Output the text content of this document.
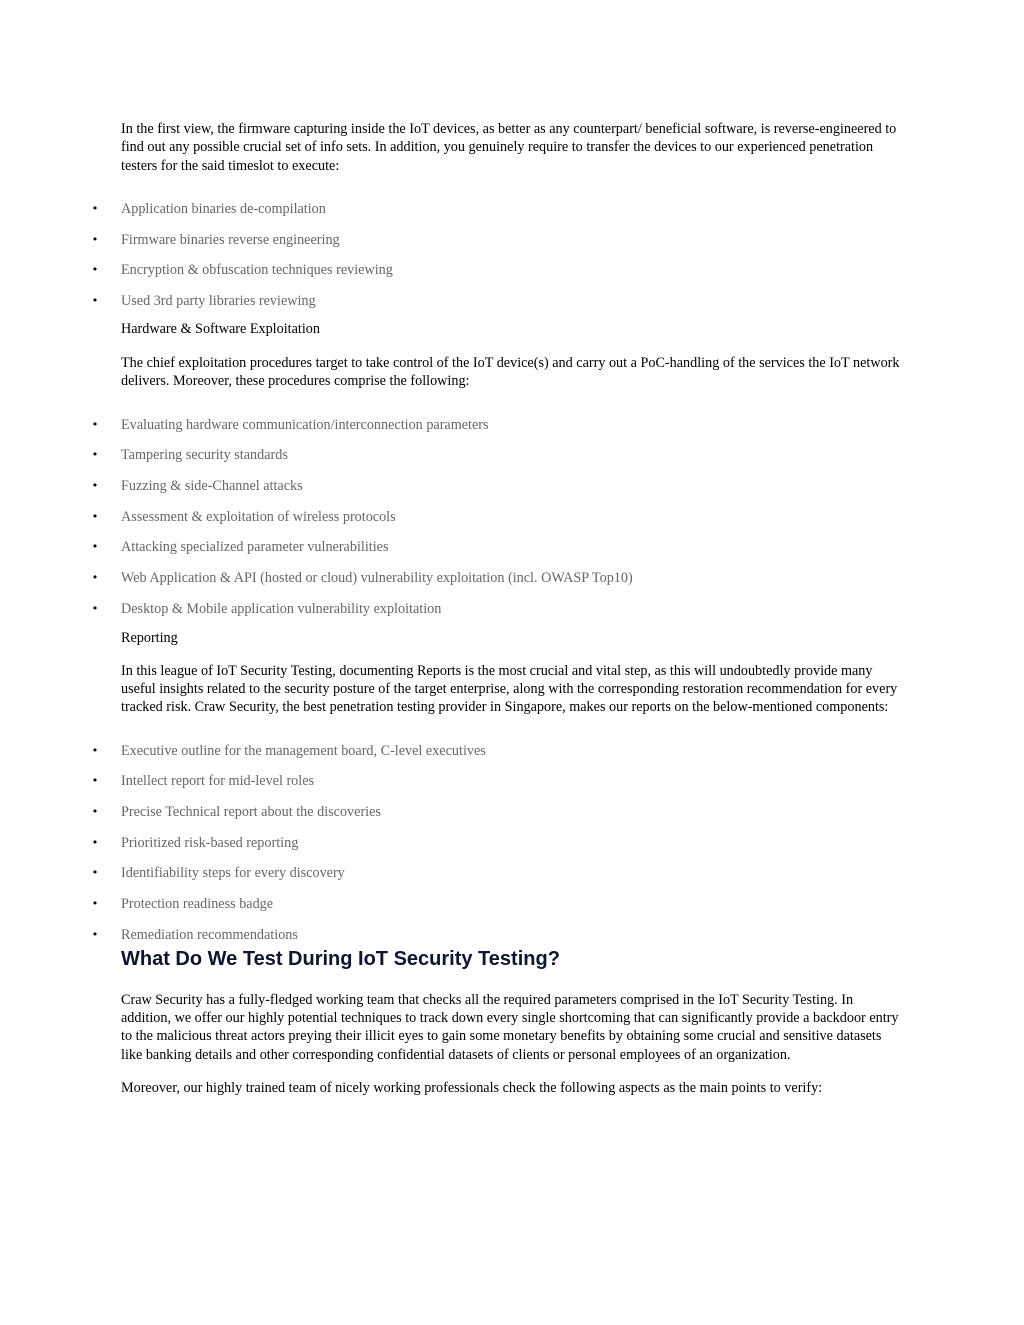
In the first view, the firmware capturing inside the IoT devices, as better as any counterpart/ beneficial software, is reverse-engineered to find out any possible crucial set of info sets. In addition, you genuinely require to transfer the devices to our experienced penetration testers for the said timeslot to execute:

• Application binaries de-compilation
• Firmware binaries reverse engineering
• Encryption & obfuscation techniques reviewing
• Used 3rd party libraries reviewing

Hardware & Software Exploitation

The chief exploitation procedures target to take control of the IoT device(s) and carry out a PoC-handling of the services the IoT network delivers. Moreover, these procedures comprise the following:

• Evaluating hardware communication/interconnection parameters
• Tampering security standards
• Fuzzing & side-Channel attacks
• Assessment & exploitation of wireless protocols
• Attacking specialized parameter vulnerabilities
• Web Application & API (hosted or cloud) vulnerability exploitation (incl. OWASP Top10)
• Desktop & Mobile application vulnerability exploitation

Reporting

In this league of IoT Security Testing, documenting Reports is the most crucial and vital step, as this will undoubtedly provide many useful insights related to the security posture of the target enterprise, along with the corresponding restoration recommendation for every tracked risk. Craw Security, the best penetration testing provider in Singapore, makes our reports on the below-mentioned components:

• Executive outline for the management board, C-level executives
• Intellect report for mid-level roles
• Precise Technical report about the discoveries
• Prioritized risk-based reporting
• Identifiability steps for every discovery
• Protection readiness badge
• Remediation recommendations
What Do We Test During IoT Security Testing?

Craw Security has a fully-fledged working team that checks all the required parameters comprised in the IoT Security Testing. In addition, we offer our highly potential techniques to track down every single shortcoming that can significantly provide a backdoor entry to the malicious threat actors preying their illicit eyes to gain some monetary benefits by obtaining some crucial and sensitive datasets like banking details and other corresponding confidential datasets of clients or personal employees of an organization.

Moreover, our highly trained team of nicely working professionals check the following aspects as the main points to verify:
